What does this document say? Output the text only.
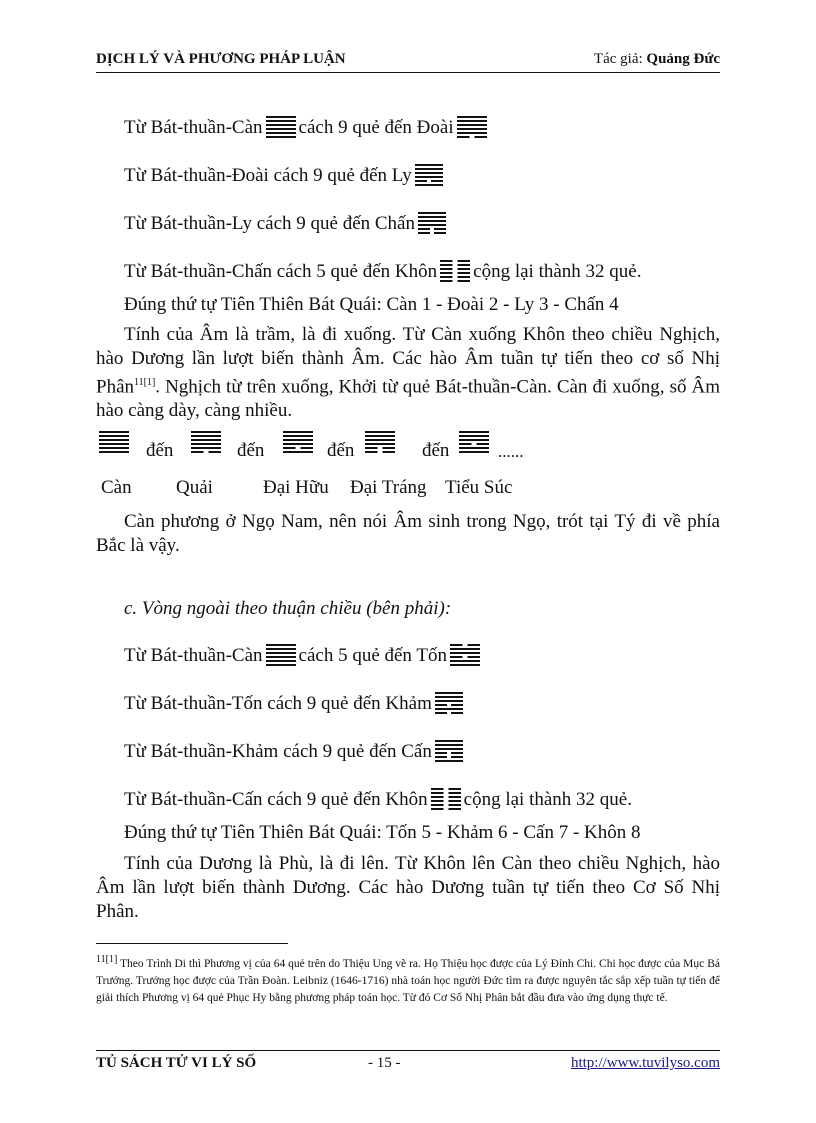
DỊCH LÝ VÀ PHƯƠNG PHÁP LUẬN	Tác giả: Quảng Đức
Từ Bát-thuần-Càn cách 9 quẻ đến Đoài
Từ Bát-thuần-Đoài cách 9 quẻ đến Ly
Từ Bát-thuần-Ly cách 9 quẻ đến Chấn
Từ Bát-thuần-Chấn cách 5 quẻ đến Khôn cộng lại thành 32 quẻ.
Đúng thứ tự Tiên Thiên Bát Quái: Càn 1 - Đoài 2 - Ly 3 - Chấn 4
Tính của Âm là trầm, là đi xuống. Từ Càn xuống Khôn theo chiều Nghịch, hào Dương lần lượt biến thành Âm. Các hào Âm tuần tự tiến theo cơ số Nhị Phân$^{11[1]}$. Nghịch từ trên xuống, Khởi từ quẻ Bát-thuần-Càn. Càn đi xuống, số Âm hào càng dày, càng nhiều.
đến	đến	đến	đến	......
Càn Quải	Đại Hữu Đại Tráng Tiểu Súc
Càn phương ở Ngọ Nam, nên nói Âm sinh trong Ngọ, trót tại Tý đi về phía Bắc là vậy.
c. Vòng ngoài theo thuận chiều (bên phải):
Từ Bát-thuần-Càn cách 5 quẻ đến Tốn
Từ Bát-thuần-Tốn cách 9 quẻ đến Khảm
Từ Bát-thuần-Khảm cách 9 quẻ đến Cấn
Từ Bát-thuần-Cấn cách 9 quẻ đến Khôn cộng lại thành 32 quẻ.
Đúng thứ tự Tiên Thiên Bát Quái: Tốn 5 - Khảm 6 - Cấn 7 - Khôn 8
Tính của Dương là Phù, là đi lên. Từ Khôn lên Càn theo chiều Nghịch, hào Âm lần lượt biến thành Dương. Các hào Dương tuần tự tiến theo Cơ Số Nhị Phân.
$^{11[1]}$ Theo Trình Di thì Phương vị của 64 quẻ trên do Thiệu Ung vẽ ra. Họ Thiệu học được của Lý Đỉnh Chi. Chi học được của Mục Bá Trưởng. Trưởng học được của Trần Đoàn. Leibniz (1646-1716) nhà toán học người Đức tìm ra được nguyên tắc sắp xếp tuần tự tiến để giải thích Phương vị 64 quẻ Phục Hy bằng phương pháp toán học. Từ đó Cơ Số Nhị Phân bắt đầu đưa vào ứng dụng thực tế.
TỦ SÁCH TỬ VI LÝ SỐ	- 15 -	http://www.tuvilyso.com
